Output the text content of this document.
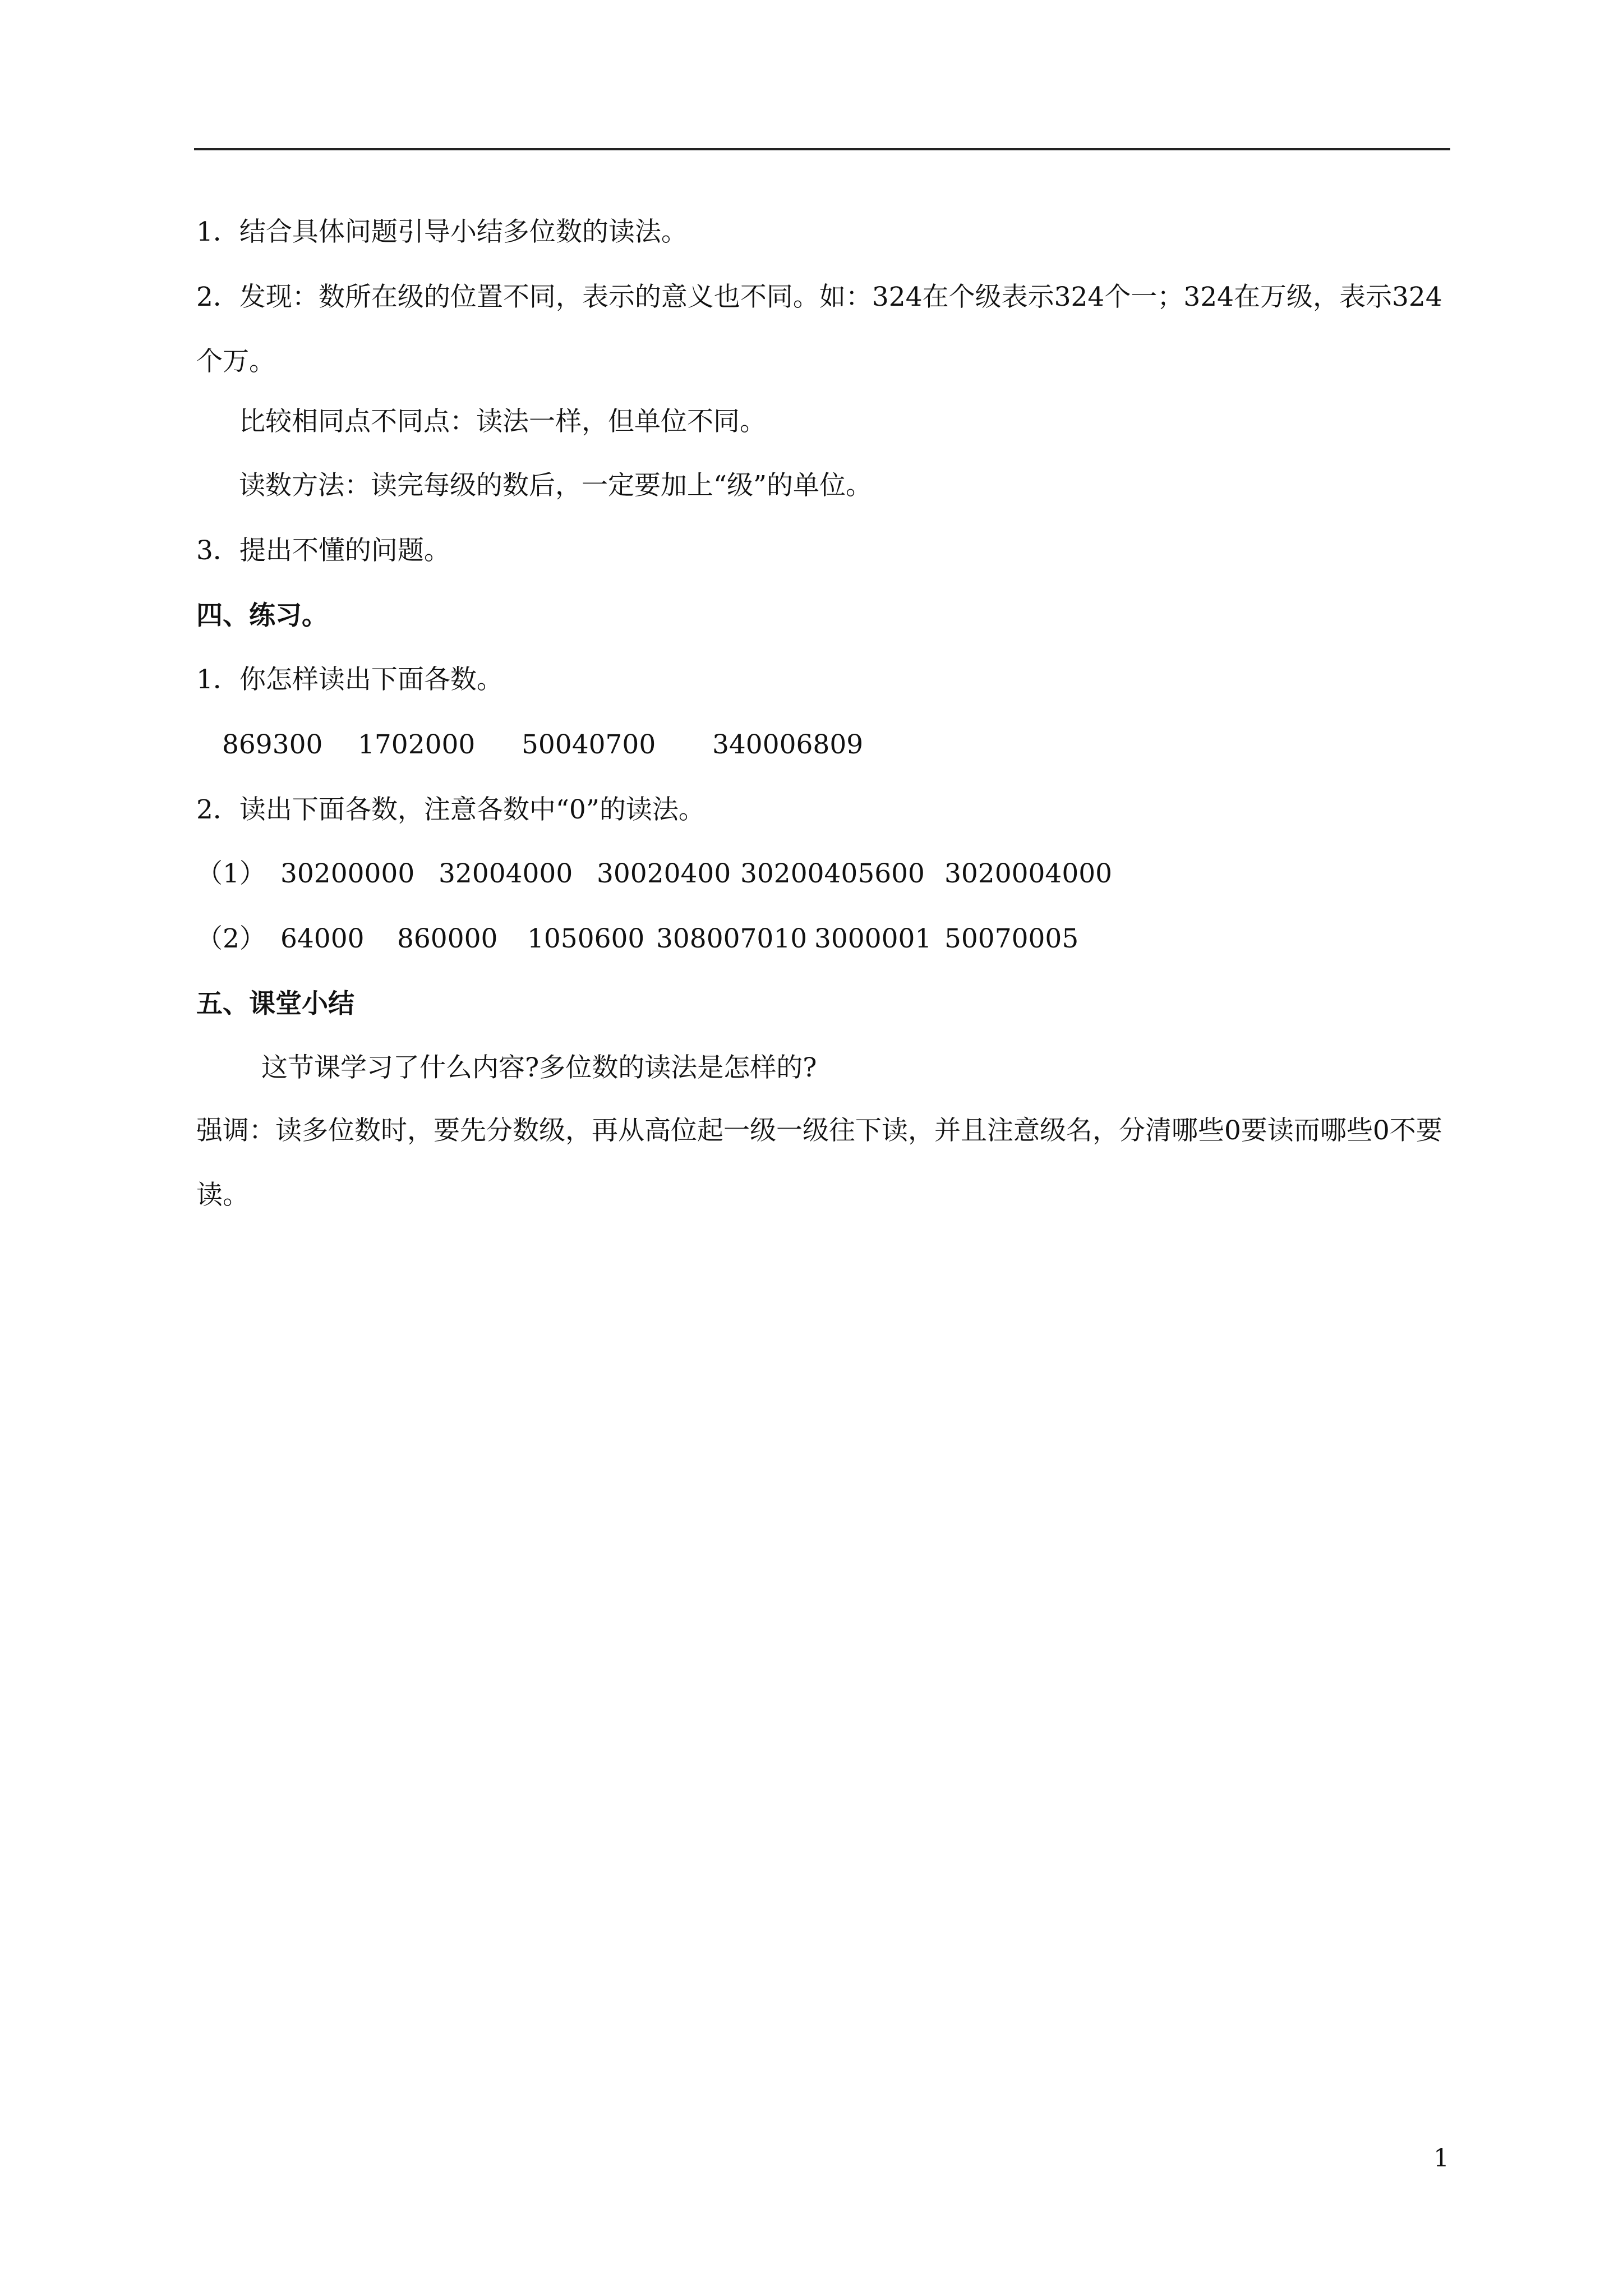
1．结合具体问题引导小结多位数的读法。
2．发现：数所在级的位置不同，表示的意义也不同。如：324在个级表示324个一；324在万级，表示324个万。
比较相同点不同点：读法一样，但单位不同。
读数方法：读完每级的数后，一定要加上“级”的单位。
3．提出不懂的问题。
四、练习。
1．你怎样读出下面各数。
869300 1702000 50040700 340006809
2．读出下面各数，注意各数中“0”的读法。
（1） 30200000 32004000 30020400 30200405600 3020004000
（2） 64000 860000 1050600 308007010 3000001 50070005
五、课堂小结
这节课学习了什么内容?多位数的读法是怎样的?
强调：读多位数时，要先分数级，再从高位起一级一级往下读，并且注意级名，分清哪些0要读而哪些0不要读。
1
